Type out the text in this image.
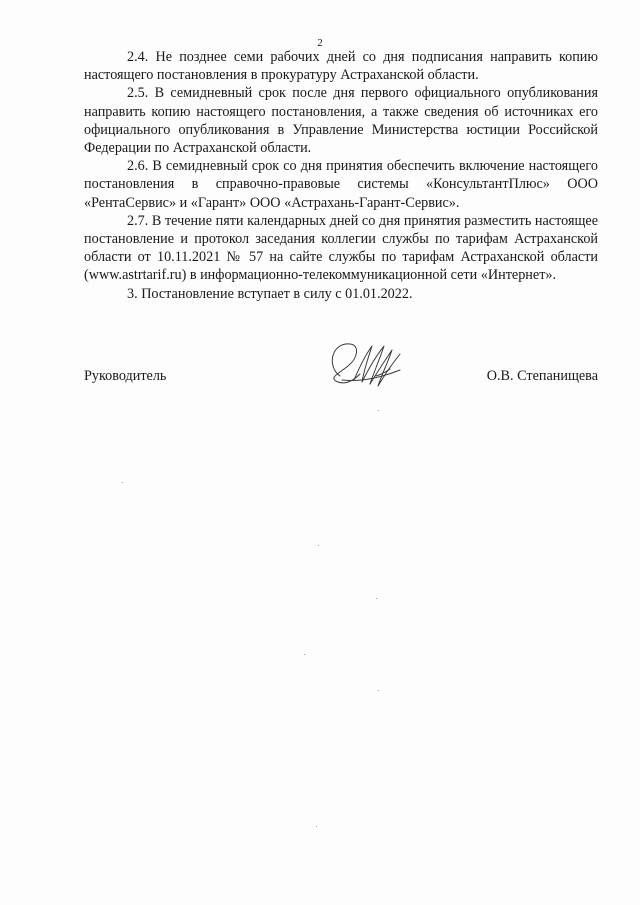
2

2.4. Не позднее семи рабочих дней со дня подписания направить копию настоящего постановления в прокуратуру Астраханской области.

2.5. В семидневный срок после дня первого официального опубликования направить копию настоящего постановления, а также сведения об источниках его официального опубликования в Управление Министерства юстиции Российской Федерации по Астраханской области.

2.6. В семидневный срок со дня принятия обеспечить включение настоящего постановления в справочно-правовые системы «КонсультантПлюс» ООО «РентаСервис» и «Гарант» ООО «Астрахань-Гарант-Сервис».

2.7. В течение пяти календарных дней со дня принятия разместить настоящее постановление и протокол заседания коллегии службы по тарифам Астраханской области от 10.11.2021 № 57 на сайте службы по тарифам Астраханской области (www.astrtarif.ru) в информационно-телекоммуникационной сети «Интернет».

3. Постановление вступает в силу с 01.01.2022.

Руководитель	О.В. Степанищева
